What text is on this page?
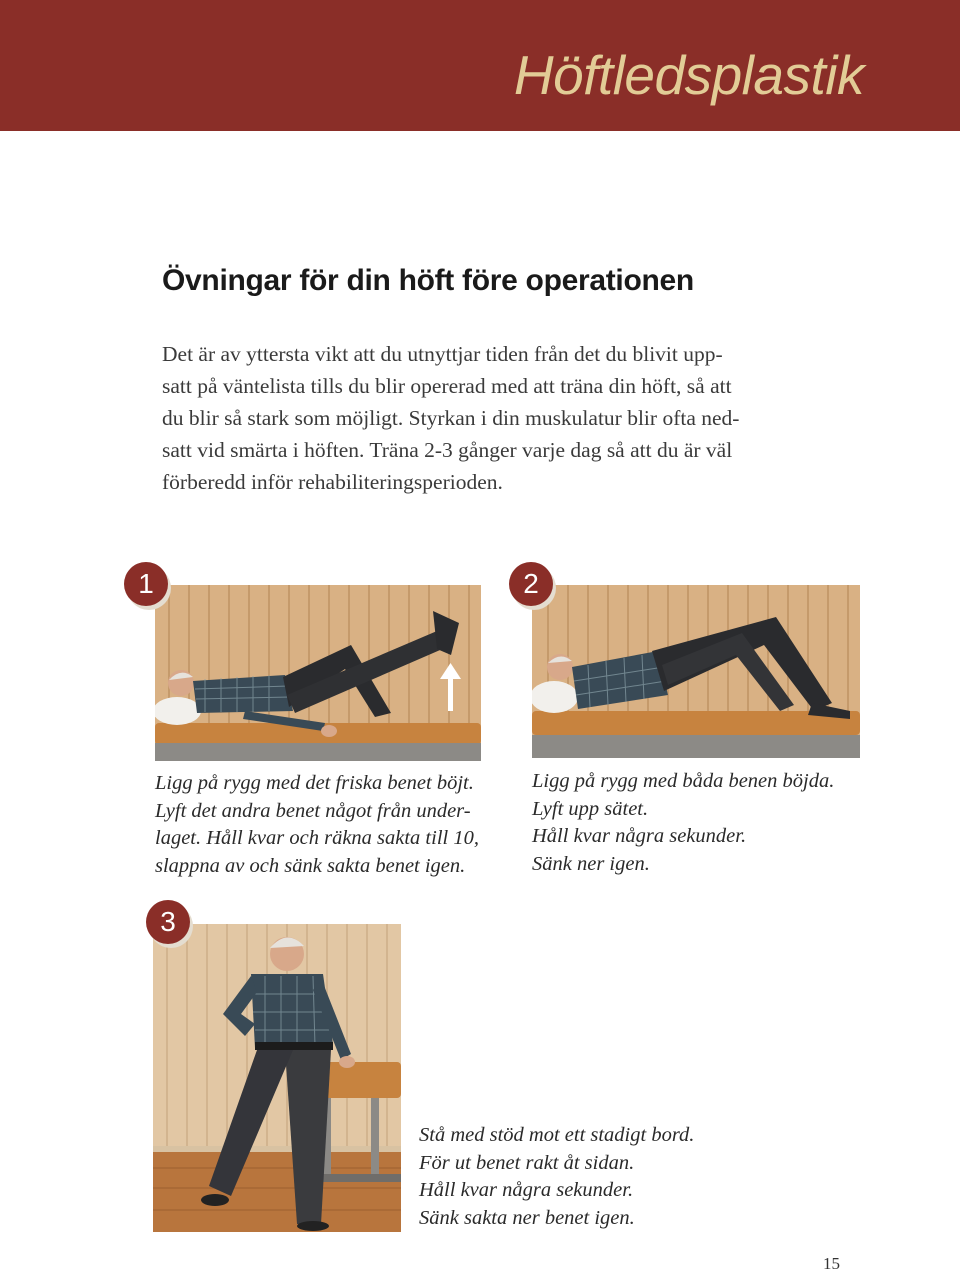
Höftledsplastik
Övningar för din höft före operationen
Det är av yttersta vikt att du utnyttjar tiden från det du blivit upp-
satt på väntelista tills du blir opererad med att träna din höft, så att
du blir så stark som möjligt. Styrkan i din muskulatur blir ofta ned-
satt vid smärta i höften. Träna 2-3 gånger varje dag så att du är väl
förberedd inför rehabiliteringsperioden.
1
Ligg på rygg med det friska benet böjt.
Lyft det andra benet något från under-
laget. Håll kvar och räkna sakta till 10,
slappna av och sänk sakta benet igen.
2
Ligg på rygg med båda benen böjda.
Lyft upp sätet.
Håll kvar några sekunder.
Sänk ner igen.
3
Stå med stöd mot ett stadigt bord.
För ut benet rakt åt sidan.
Håll kvar några sekunder.
Sänk sakta ner benet igen.
15
